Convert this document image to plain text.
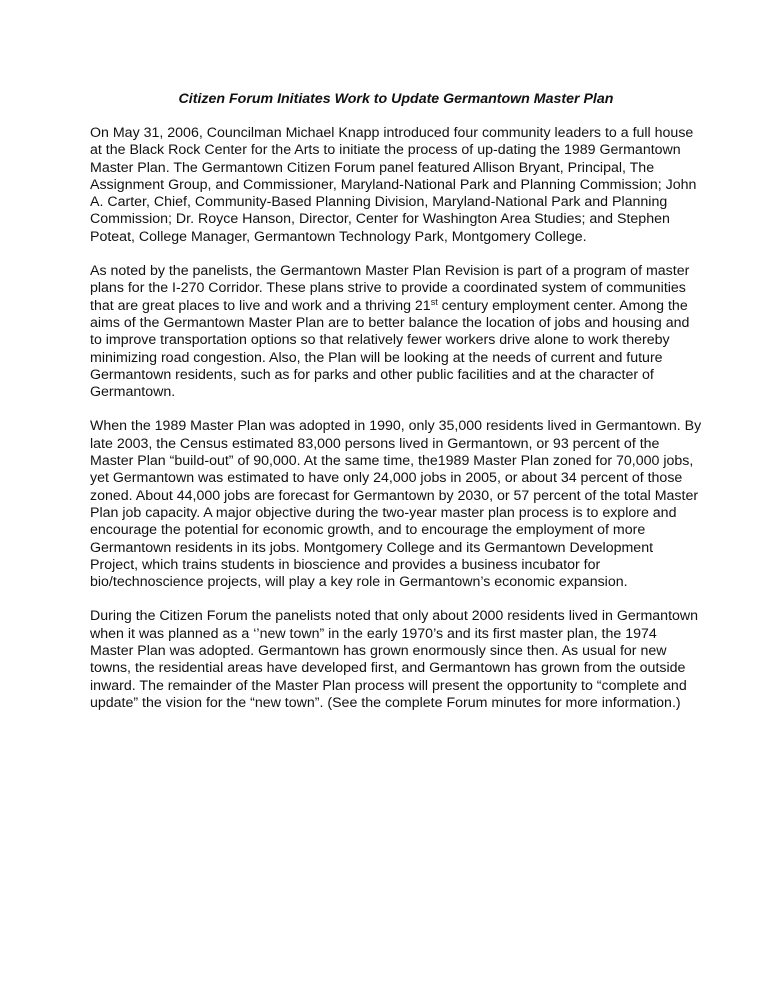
Citizen Forum Initiates Work to Update Germantown Master Plan

On May 31, 2006, Councilman Michael Knapp introduced four community leaders to a full house at the Black Rock Center for the Arts to initiate the process of up-dating the 1989 Germantown Master Plan. The Germantown Citizen Forum panel featured Allison Bryant, Principal, The Assignment Group, and Commissioner, Maryland-National Park and Planning Commission; John A. Carter, Chief, Community-Based Planning Division, Maryland-National Park and Planning Commission; Dr. Royce Hanson, Director, Center for Washington Area Studies; and Stephen Poteat, College Manager, Germantown Technology Park, Montgomery College.

As noted by the panelists, the Germantown Master Plan Revision is part of a program of master plans for the I-270 Corridor. These plans strive to provide a coordinated system of communities that are great places to live and work and a thriving 21st century employment center. Among the aims of the Germantown Master Plan are to better balance the location of jobs and housing and to improve transportation options so that relatively fewer workers drive alone to work thereby minimizing road congestion. Also, the Plan will be looking at the needs of current and future Germantown residents, such as for parks and other public facilities and at the character of Germantown.

When the 1989 Master Plan was adopted in 1990, only 35,000 residents lived in Germantown. By late 2003, the Census estimated 83,000 persons lived in Germantown, or 93 percent of the Master Plan “build-out” of 90,000. At the same time, the1989 Master Plan zoned for 70,000 jobs, yet Germantown was estimated to have only 24,000 jobs in 2005, or about 34 percent of those zoned. About 44,000 jobs are forecast for Germantown by 2030, or 57 percent of the total Master Plan job capacity. A major objective during the two-year master plan process is to explore and encourage the potential for economic growth, and to encourage the employment of more Germantown residents in its jobs. Montgomery College and its Germantown Development Project, which trains students in bioscience and provides a business incubator for bio/technoscience projects, will play a key role in Germantown’s economic expansion.

During the Citizen Forum the panelists noted that only about 2000 residents lived in Germantown when it was planned as a ‘’new town” in the early 1970’s and its first master plan, the 1974 Master Plan was adopted. Germantown has grown enormously since then. As usual for new towns, the residential areas have developed first, and Germantown has grown from the outside inward. The remainder of the Master Plan process will present the opportunity to “complete and update” the vision for the “new town”. (See the complete Forum minutes for more information.)
